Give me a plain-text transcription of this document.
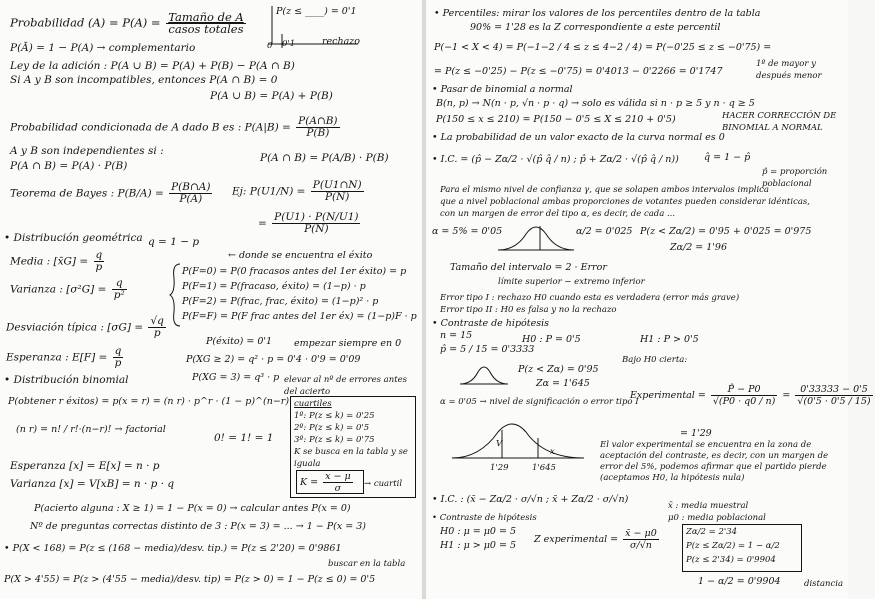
Probabilidad $(A) = P(A) = \frac{\text{Tamaño de A}}{\text{casos totales}}$
P(z ≤ ____) = 0'1
0 0'1	rechazo
P(Ā) = 1 − P(A) → complementario
Ley de la adición : P(A ∪ B) = P(A) + P(B) − P(A ∩ B)
Si A y B son incompatibles, entonces P(A ∩ B) = 0
P(A ∪ B) = P(A) + P(B)
Probabilidad condicionada de A dado B es : $P(A|B) = \frac{P(A\cap B)}{P(B)}$
A y B son independientes si :
P(A ∩ B) = P(A/B) · P(B)
P(A ∩ B) = P(A) · P(B)
Teorema de Bayes : $P(B/A) = \frac{P(B\cap A)}{P(A)} Ej$: $P(U1/N) = \frac{P(U1\cap N)}{P(N)}$
= $\frac{P(U1) \cdot P(N/U1)}{P(N)}$
• Distribución geométrica q = 1 − p
Media : [x̄G] = $\frac{q}{p}$	← donde se encuentra el éxito
P(F=0) = P(0 fracasos antes del 1er éxito) = p
P(F=1) = P(fracaso, éxito) = (1−p) · p
P(F=2) = P(frac, frac, éxito) = (1−p)² · p
P(F=F) = P(F frac antes del 1er éx) = (1−p)F · p
Varianza : $[\sigma^2G] = \frac{q}{\text{p²}}$
Desviación típica : $[\sigma G] = \frac{√q}{p}$
P(éxito) = 0'1 empezar siempre en 0
Esperanza : $E[F] = \frac{q}{p}$	P(XG ≥ 2) = q² · p = 0'4 · 0'9 = 0'09
P(XG = 3) = q³ · p elevar al nº de errores antes del acierto
• Distribución binomial
P(obtener r éxitos) = p(x = r) = (n r) · p^r · (1 − p)^(n−r) cuartiles
1º: P(z ≤ k) = 0'25
2º: P(z ≤ k) = 0'5
3º: P(z ≤ k) = 0'75
K se busca en la tabla y se iguala
$K = \frac{x - \mu}{\sigma}$ → cuartil
(n r) = n! / r!·(n−r)! → factorial
0! = 1! = 1
Esperanza [x] = E[x] = n · p
Varianza [x] = V[xB] = n · p · q
P(acierto alguna : X ≥ 1) = 1 − P(x = 0) → calcular antes P(x = 0)
Nº de preguntas correctas distinto de 3 : P(x = 3) = ... → 1 − P(x = 3)
• P(X < 168) = P(z ≤ (168 − media)/desv. tip.) = P(z ≤ 2'20) = 0'9861
buscar en la tabla
P(X > 4'55) = P(z > (4'55 − media)/desv. tip) = P(z > 0) = 1 − P(z ≤ 0) = 0'5
• Percentiles: mirar los valores de los percentiles dentro de la tabla
90% = 1'28 es la Z correspondiente a este percentil
P(−1 < X < 4) = P(−1−2 / 4 ≤ z ≤ 4−2 / 4) = P(−0'25 ≤ z ≤ −0'75) =
= P(z ≤ −0'25) − P(z ≤ −0'75) = 0'4013 − 0'2266 = 0'1747
1º de mayor y después menor
• Pasar de binomial a normal
B(n, p) → N(n · p, √n · p · q) → solo es válida si n · p ≥ 5 y n · q ≥ 5
P(150 ≤ x ≤ 210) = P(150 − 0'5 ≤ X ≤ 210 + 0'5)	HACER CORRECCIÓN DE BINOMIAL A NORMAL
• La probabilidad de un valor exacto de la curva normal es 0
• I.C. = (p̂ − Zα/2 · √(p̂ q̂ / n) ; p̂ + Zα/2 · √(p̂ q̂ / n))	q̂ = 1 − p̂
p̂ = proporción poblacional
Para el mismo nivel de confianza γ, que se solapen ambos intervalos implica
que a nivel poblacional ambas proporciones de votantes pueden considerar idénticas,
con un margen de error del tipo α, es decir, de cada ...
α = 5% = 0'05	α/2 = 0'025 P(z < Zα/2) = 0'95 + 0'025 = 0'975
Zα/2 = 1'96
Tamaño del intervalo = 2 · Error
límite superior − extremo inferior
Error tipo I : rechazo H0 cuando esta es verdadera (error más grave)
Error tipo II : H0 es falsa y no la rechazo
• Contraste de hipótesis
n = 15
p̂ = 5 / 15 = 0'3333
H0 : P = 0'5	H1 : P > 0'5
Bajo H0 cierta:
P(z < Zα) = 0'95
Zα = 1'645
α = 0'05 → nivel de significación o error tipo I
Experimental = $\frac{P̂ - P0}{√(P0 \cdot q0 / n)} = \frac{0'33333 - 0'5}{√(0'5 \cdot 0'5 / 15)}$
= 1'29
V
x
1'29	1'645
El valor experimental se encuentra en la zona de aceptación del contraste, es decir, con un margen de error del 5%, podemos afirmar que el partido pierde (aceptamos H0, la hipótesis nula)
• I.C. : (x̄ − Zα/2 · σ/√n ; x̄ + Zα/2 · σ/√n)
x̄ : media muestral
μ0 : media poblacional
• Contraste de hipótesis
H0 : μ = μ0 = 5
H1 : μ > μ0 = 5
Z experimental = $\frac{x̄ - \mu 0}{\sigma/√n}$	Zα/2 = 2'34
P(z ≤ Zα/2) = 1 − α/2
P(z ≤ 2'34) = 0'9904
1 − α/2 = 0'9904	distancia
